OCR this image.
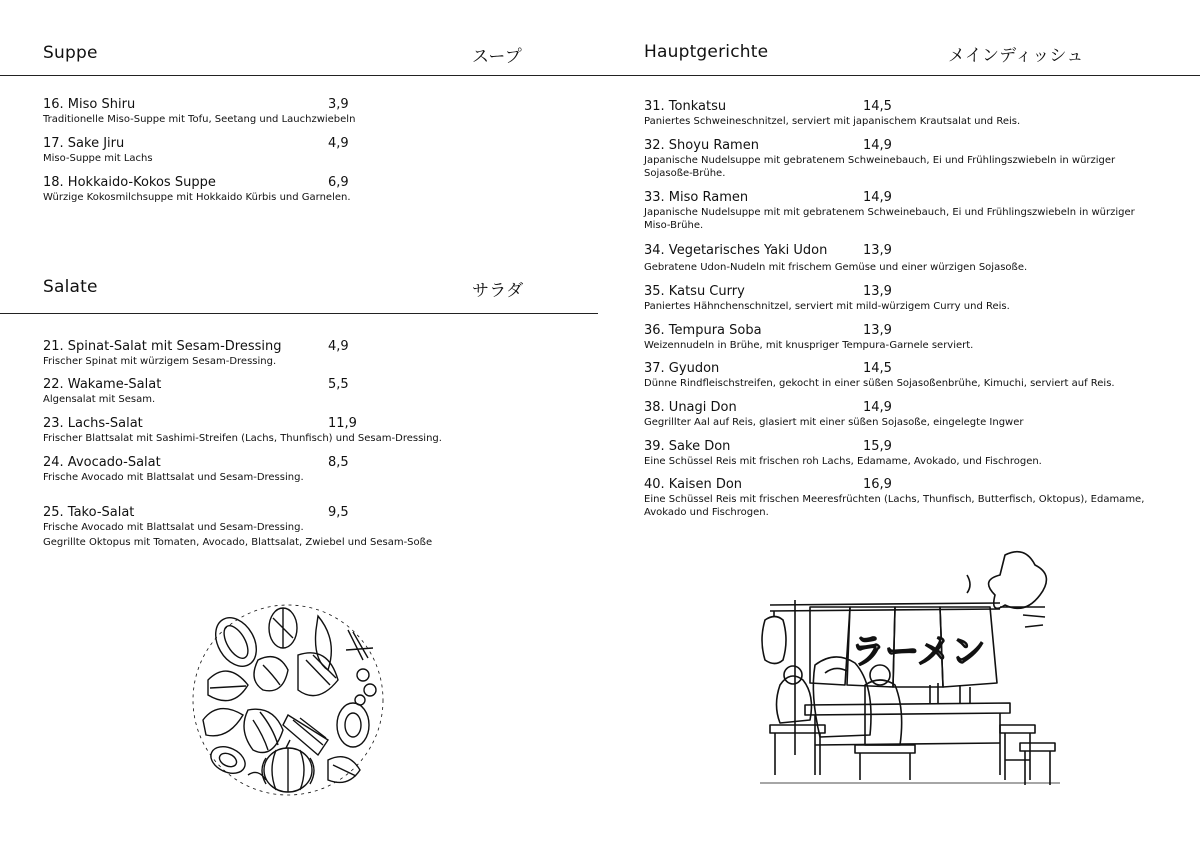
Suppe	スープ
16. Miso Shiru	3,9
Traditionelle Miso-Suppe mit Tofu, Seetang und Lauchzwiebeln
17. Sake Jiru	4,9
Miso-Suppe mit Lachs
18. Hokkaido-Kokos Suppe	6,9
Würzige Kokosmilchsuppe mit Hokkaido Kürbis und Garnelen.
Salate	サラダ
21. Spinat-Salat mit Sesam-Dressing	4,9
Frischer Spinat mit würzigem Sesam-Dressing.
22. Wakame-Salat	5,5
Algensalat mit Sesam.
23. Lachs-Salat	11,9
Frischer Blattsalat mit Sashimi-Streifen (Lachs, Thunfisch) und Sesam-Dressing.
24. Avocado-Salat	8,5
Frische Avocado mit Blattsalat und Sesam-Dressing.
25. Tako-Salat	9,5
Frische Avocado mit Blattsalat und Sesam-Dressing.
Gegrillte Oktopus mit Tomaten, Avocado, Blattsalat, Zwiebel und Sesam-Soße
Hauptgerichte	メインディッシュ
31. Tonkatsu	14,5
Paniertes Schweineschnitzel, serviert mit japanischem Krautsalat und Reis.
32. Shoyu Ramen	14,9
Japanische Nudelsuppe mit gebratenem Schweinebauch, Ei und Frühlingszwiebeln in würziger
Sojasoße-Brühe.
33. Miso Ramen	14,9
Japanische Nudelsuppe mit mit gebratenem Schweinebauch, Ei und Frühlingszwiebeln in würziger
Miso-Brühe.
34. Vegetarisches Yaki Udon	13,9
Gebratene Udon-Nudeln mit frischem Gemüse und einer würzigen Sojasoße.
35. Katsu Curry	13,9
Paniertes Hähnchenschnitzel, serviert mit mild-würzigem Curry und Reis.
36. Tempura Soba	13,9
Weizennudeln in Brühe, mit knuspriger Tempura-Garnele serviert.
37. Gyudon	14,5
Dünne Rindfleischstreifen, gekocht in einer süßen Sojasoßenbrühe, Kimuchi, serviert auf Reis.
38. Unagi Don	14,9
Gegrillter Aal auf Reis, glasiert mit einer süßen Sojasoße, eingelegte Ingwer
39. Sake Don	15,9
Eine Schüssel Reis mit frischen roh Lachs, Edamame, Avokado, und Fischrogen.
40. Kaisen Don	16,9
Eine Schüssel Reis mit frischen Meeresfrüchten (Lachs, Thunfisch, Butterfisch, Oktopus), Edamame,
Avokado und Fischrogen.
ラーメン
